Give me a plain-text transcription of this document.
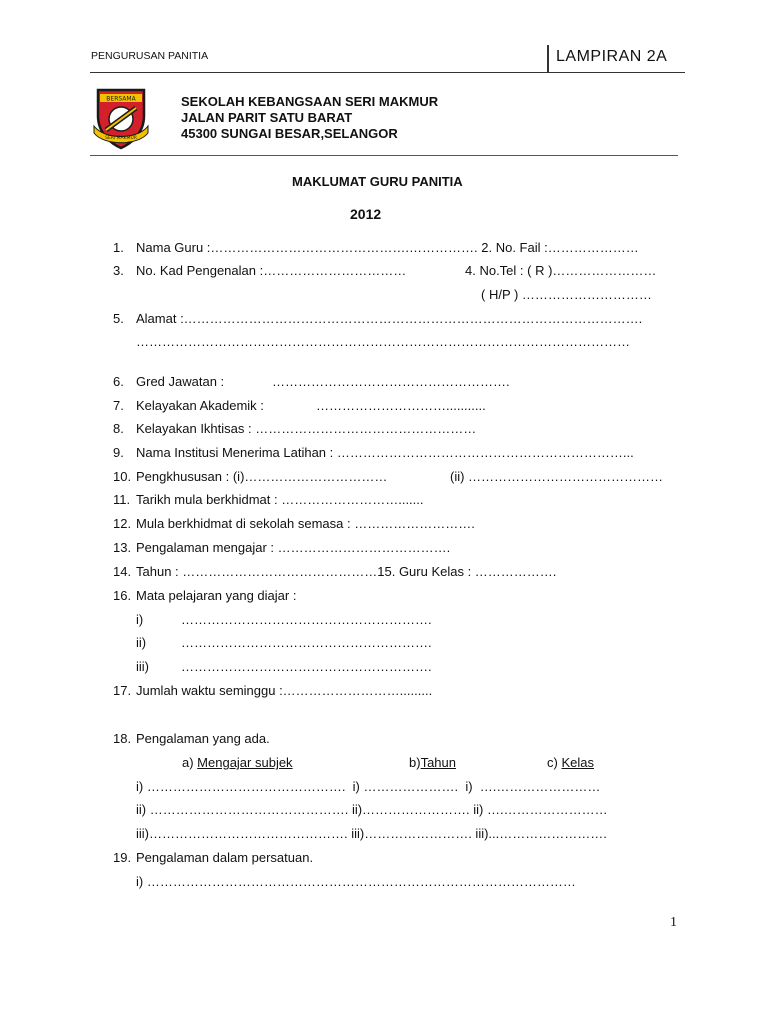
PENGURUSAN PANITIA	LAMPIRAN 2A
BERSAMA
SERI MAKMUR
SEKOLAH KEBANGSAAN SERI MAKMUR
JALAN PARIT SATU BARAT
45300 SUNGAI BESAR,SELANGOR
MAKLUMAT GURU PANITIA
2012
1. Nama Guru :……………………………………….……………. 2. No. Fail :…………………
3. No. Kad Pengenalan :……………………………	4. No.Tel : ( R )……………………
( H/P ) …………………………
5. Alamat :…………………………………………………………………………………………….
……………………………………………………………………………………………………
6. Gred Jawatan :	……………………………………………….
7. Kelayakan Akademik :	…………………………...........
8. Kelayakan Ikhtisas : ……………………………………………
9. Nama Institusi Menerima Latihan : …………………………………………………………...
10. Pengkhususan : (i)……………………………	(ii) ………………………………………
11. Tarikh mula berkhidmat : ……………………….......
12. Mula berkhidmat di sekolah semasa : ……………………….
13. Pengalaman mengajar : ………………………………….
14. Tahun : ………………………………………15. Guru Kelas : ……………….
16. Mata pelajaran yang diajar :
i)	………………………………………………….
ii)	………………………………………………….
iii) ………………………………………………….
17. Jumlah waktu seminggu :……………………….........
18. Pengalaman yang ada.
a) Mengajar subjek	b)Tahun	c) Kelas
i) ……………………………………….  i) ………………….  i)  ….……………………
ii) ………………………………………. ii)……………………. ii) ….……………………
iii)………………………………………. iii)……………………. iii)...…………………….
19. Pengalaman dalam persatuan.
i) ………………………………………………………………………………………
1
